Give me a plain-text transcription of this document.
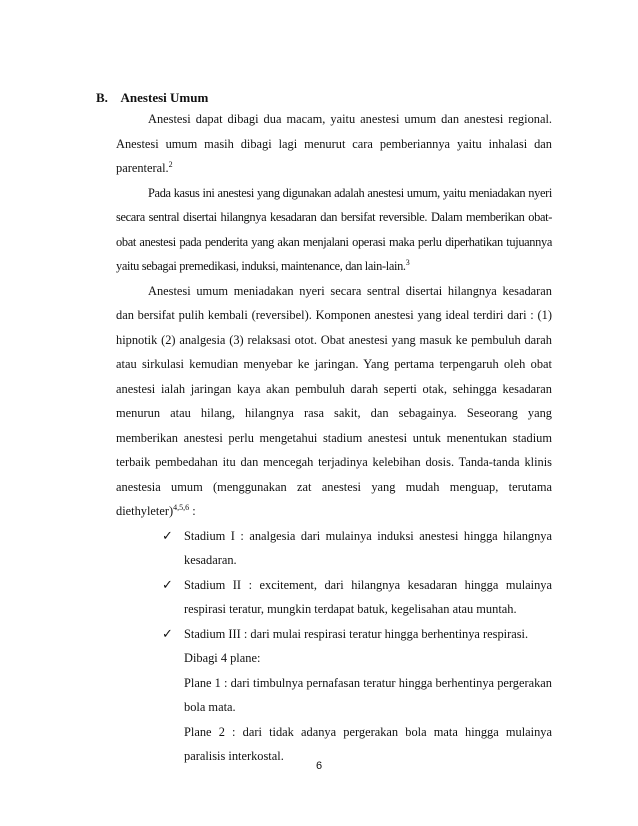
B. Anestesi Umum

Anestesi dapat dibagi dua macam, yaitu anestesi umum dan anestesi regional. Anestesi umum masih dibagi lagi menurut cara pemberiannya yaitu inhalasi dan parenteral.$^2$

Pada kasus ini anestesi yang digunakan adalah anestesi umum, yaitu meniadakan nyeri secara sentral disertai hilangnya kesadaran dan bersifat reversible. Dalam memberikan obat-obat anestesi pada penderita yang akan menjalani operasi maka perlu diperhatikan tujuannya yaitu sebagai premedikasi, induksi, maintenance, dan lain-lain.$^3$

Anestesi umum meniadakan nyeri secara sentral disertai hilangnya kesadaran dan bersifat pulih kembali (reversibel). Komponen anestesi yang ideal terdiri dari : (1) hipnotik (2) analgesia (3) relaksasi otot. Obat anestesi yang masuk ke pembuluh darah atau sirkulasi kemudian menyebar ke jaringan. Yang pertama terpengaruh oleh obat anestesi ialah jaringan kaya akan pembuluh darah seperti otak, sehingga kesadaran menurun atau hilang, hilangnya rasa sakit, dan sebagainya. Seseorang yang memberikan anestesi perlu mengetahui stadium anestesi untuk menentukan stadium terbaik pembedahan itu dan mencegah terjadinya kelebihan dosis. Tanda-tanda klinis anestesia umum (menggunakan zat anestesi yang mudah menguap, terutama diethyleter)$^{4,5,6}$ :

✓ Stadium I : analgesia dari mulainya induksi anestesi hingga hilangnya kesadaran.
✓ Stadium II : excitement, dari hilangnya kesadaran hingga mulainya respirasi teratur, mungkin terdapat batuk, kegelisahan atau muntah.
✓ Stadium III : dari mulai respirasi teratur hingga berhentinya respirasi.
Dibagi 4 plane:
Plane 1 : dari timbulnya pernafasan teratur hingga berhentinya pergerakan bola mata.
Plane 2 : dari tidak adanya pergerakan bola mata hingga mulainya paralisis interkostal.
6
